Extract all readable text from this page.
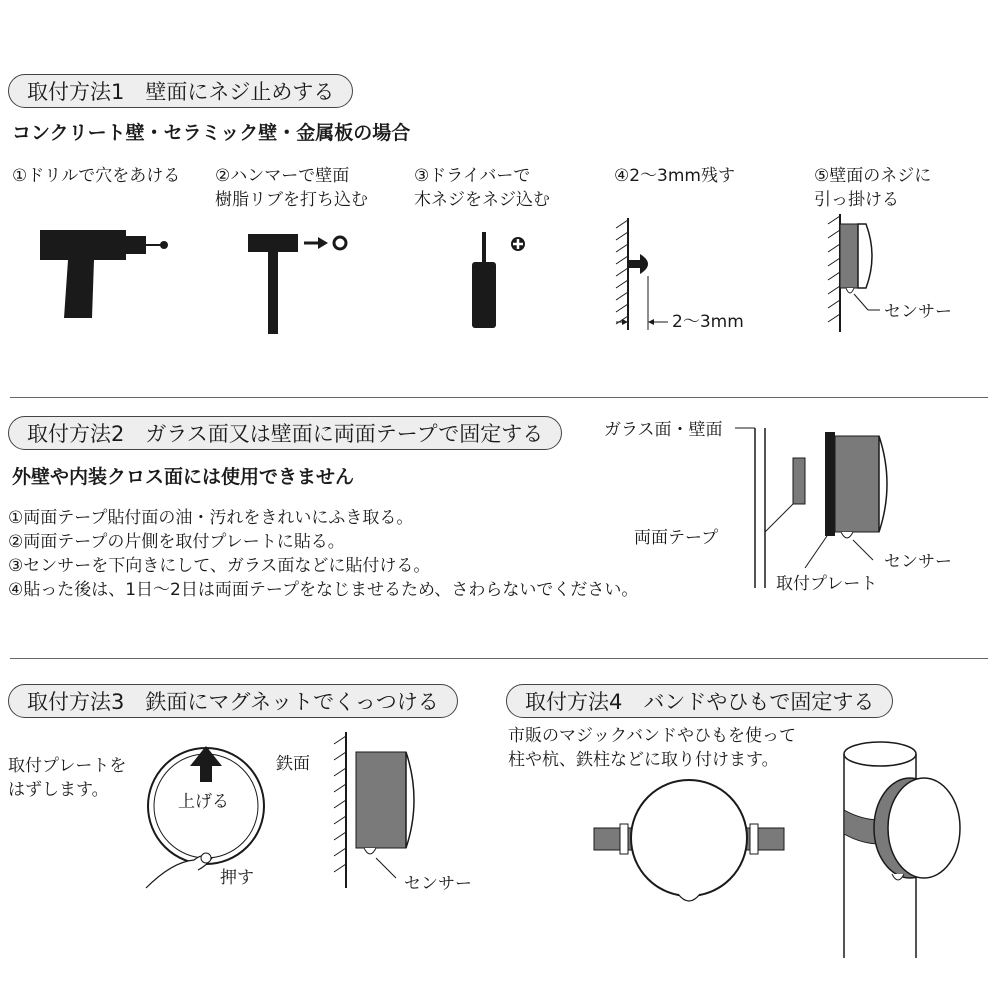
取付方法1　壁面にネジ止めする
コンクリート壁・セラミック壁・金属板の場合
①ドリルで穴をあける ②ハンマーで壁面
樹脂リブを打ち込む
③ドライバーで
木ネジをネジ込む
④2～3mm残す	⑤壁面のネジに
引っ掛ける
2～3mm	センサー
取付方法2　ガラス面又は壁面に両面テープで固定する
外壁や内装クロス面には使用できません
①両面テープ貼付面の油・汚れをきれいにふき取る。
②両面テープの片側を取付プレートに貼る。
③センサーを下向きにして、ガラス面などに貼付ける。
④貼った後は、1日～2日は両面テープをなじませるため、さわらないでください。
ガラス面・壁面
両面テープ
センサー
取付プレート
取付方法3　鉄面にマグネットでくっつける
取付プレートを
はずします。
上げる
押す
鉄面
センサー
取付方法4　バンドやひもで固定する
市販のマジックバンドやひもを使って
柱や杭、鉄柱などに取り付けます。
